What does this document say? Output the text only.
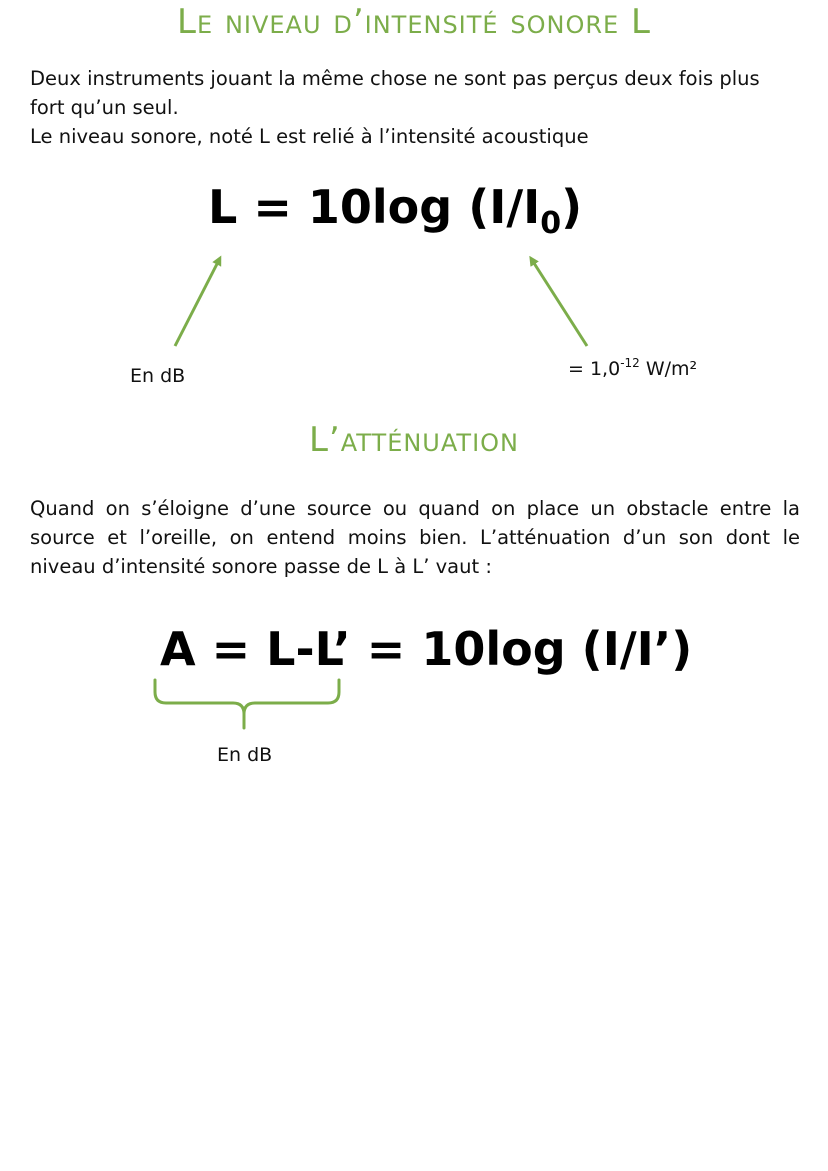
Le niveau d’intensité sonore L
Deux instruments jouant la même chose ne sont pas perçus deux fois plus fort qu’un seul.
Le niveau sonore, noté L est relié à l’intensité acoustique
L = 10log $(I/I_0)$
En dB	= $1,0^{-12}$ W/m²
L’atténuation
Quand on s’éloigne d’une source ou quand on place un obstacle entre la source et l’oreille, on entend moins bien. L’atténuation d’un son dont le niveau d’intensité sonore passe de L à L’ vaut :
A = L-L’ = 10log (I/I’)
En dB
